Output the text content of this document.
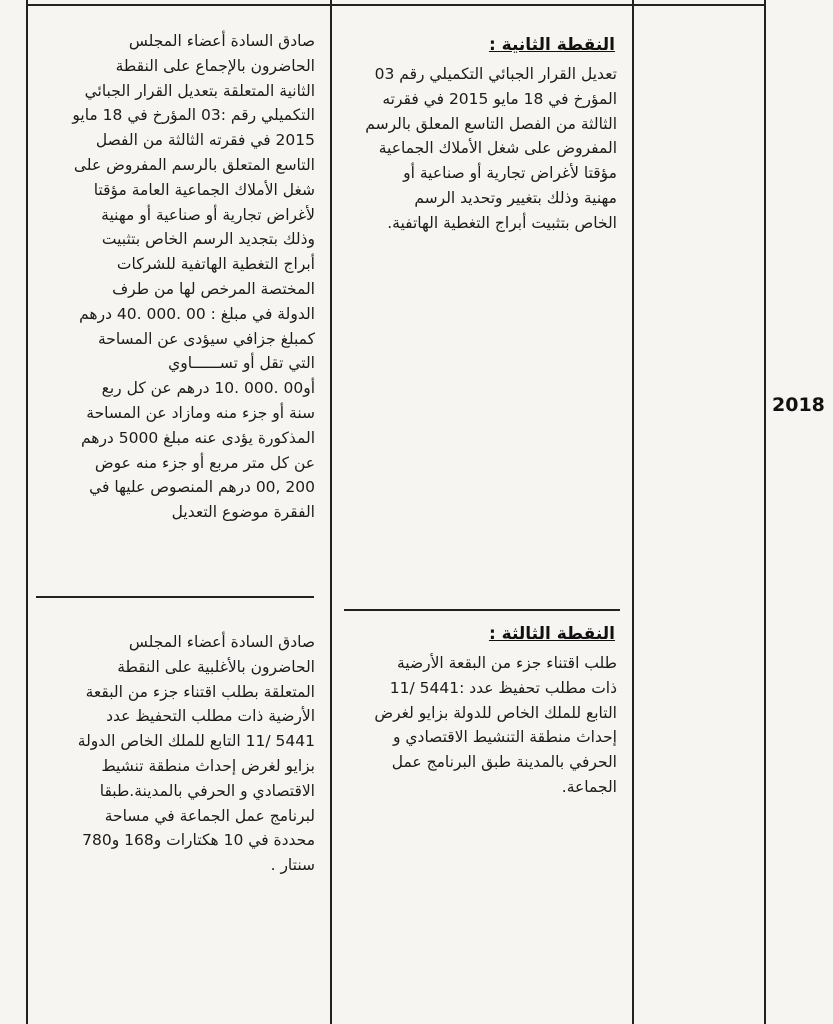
2018
النقطة الثانية :
تعديل القرار الجبائي التكميلي رقم 03
المؤرخ في 18 مايو 2015 في فقرته
الثالثة من الفصل التاسع المعلق بالرسم
المفروض على شغل الأملاك الجماعية
مؤقتا لأغراض تجارية أو صناعية أو
مهنية وذلك بتغيير وتحديد الرسم
الخاص بتثبيت أبراج التغطية الهاتفية.
صادق السادة أعضاء المجلس
الحاضرون بالإجماع على النقطة
الثانية المتعلقة بتعديل القرار الجبائي
التكميلي رقم :03 المؤرخ في 18 مايو
2015 في فقرته الثالثة من الفصل
التاسع المتعلق بالرسم المفروض على
شغل الأملاك الجماعية العامة مؤقتا
لأغراض تجارية أو صناعية أو مهنية
وذلك بتجديد الرسم الخاص بتثبيت
أبراج التغطية الهاتفية للشركات
المختصة المرخص لها من طرف
الدولة في مبلغ : 00 .000 .40 درهم
كمبلغ جزافي سيؤدى عن المساحة
التي تقل أو تســــــاوي
أو00 .000 .10 درهم عن كل ربع
سنة أو جزء منه ومازاد عن المساحة
المذكورة يؤدى عنه مبلغ 5000 درهم
عن كل متر مربع أو جزء منه عوض
200 ,00 درهم المنصوص عليها في
الفقرة موضوع التعديل
النقطة الثالثة :
طلب اقتناء جزء من البقعة الأرضية
ذات مطلب تحفيظ عدد :5441 /11
التابع للملك الخاص للدولة بزايو لغرض
إحداث منطقة التنشيط الاقتصادي و
الحرفي بالمدينة طبق البرنامج عمل
الجماعة.
صادق السادة أعضاء المجلس
الحاضرون بالأغلبية على النقطة
المتعلقة بطلب اقتناء جزء من البقعة
الأرضية ذات مطلب التحفيظ عدد
5441 /11 التابع للملك الخاص الدولة
بزايو لغرض إحداث منطقة تنشيط
الاقتصادي و الحرفي بالمدينة.طبقا
لبرنامج عمل الجماعة في مساحة
محددة في 10 هكتارات و168 و780
سنتار .
